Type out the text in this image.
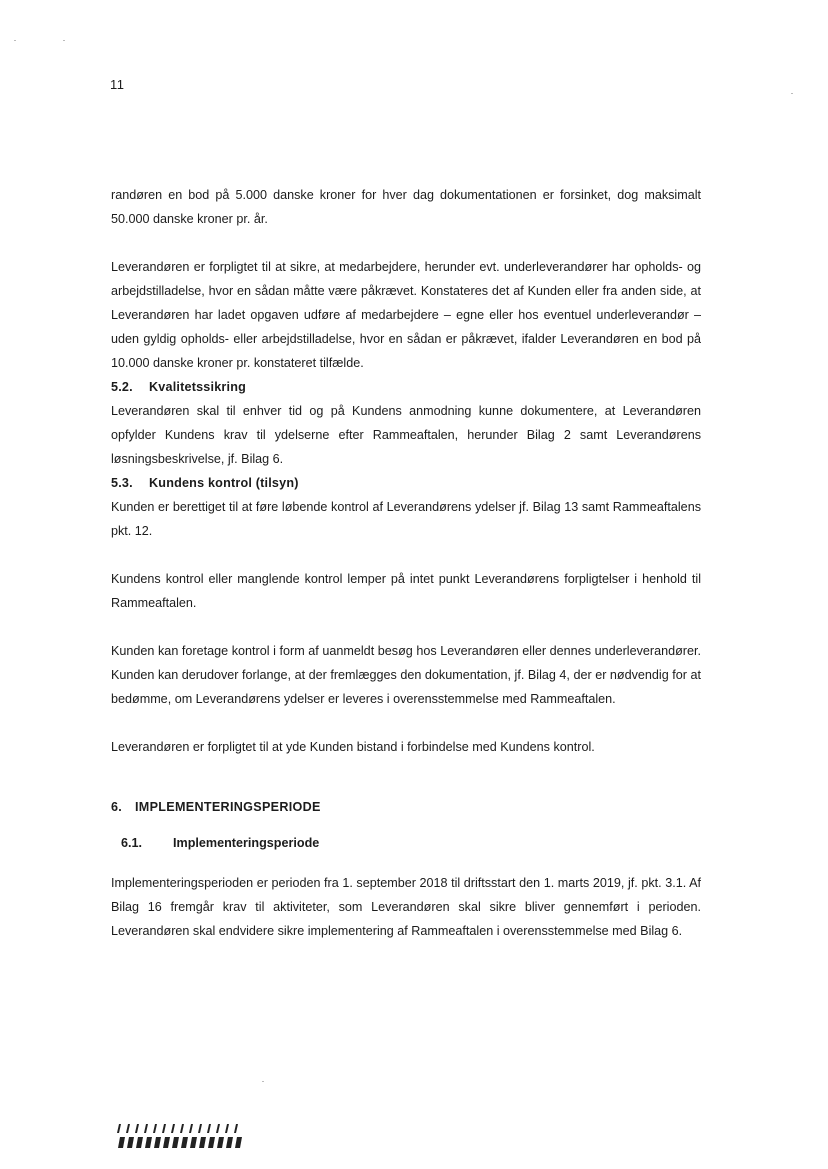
11

randøren en bod på 5.000 danske kroner for hver dag dokumentationen er forsinket, dog maksimalt 50.000 danske kroner pr. år.

Leverandøren er forpligtet til at sikre, at medarbejdere, herunder evt. underleverandører har opholds- og arbejdstilladelse, hvor en sådan måtte være påkrævet. Konstateres det af Kunden eller fra anden side, at Leverandøren har ladet opgaven udføre af medarbejdere – egne eller hos eventuel underleverandør – uden gyldig opholds- eller arbejdstilladelse, hvor en sådan er påkrævet, ifalder Leverandøren en bod på 10.000 danske kroner pr. konstateret tilfælde.

5.2. Kvalitetssikring

Leverandøren skal til enhver tid og på Kundens anmodning kunne dokumentere, at Leverandøren opfylder Kundens krav til ydelserne efter Rammeaftalen, herunder Bilag 2 samt Leverandørens løsningsbeskrivelse, jf. Bilag 6.

5.3. Kundens kontrol (tilsyn)

Kunden er berettiget til at føre løbende kontrol af Leverandørens ydelser jf. Bilag 13 samt Rammeaftalens pkt. 12.

Kundens kontrol eller manglende kontrol lemper på intet punkt Leverandørens forpligtelser i henhold til Rammeaftalen.

Kunden kan foretage kontrol i form af uanmeldt besøg hos Leverandøren eller dennes underleverandører. Kunden kan derudover forlange, at der fremlægges den dokumentation, jf. Bilag 4, der er nødvendig for at bedømme, om Leverandørens ydelser er leveres i overensstemmelse med Rammeaftalen.

Leverandøren er forpligtet til at yde Kunden bistand i forbindelse med Kundens kontrol.

6. IMPLEMENTERINGSPERIODE

6.1. Implementeringsperiode

Implementeringsperioden er perioden fra 1. september 2018 til driftsstart den 1. marts 2019, jf. pkt. 3.1. Af Bilag 16 fremgår krav til aktiviteter, som Leverandøren skal sikre bliver gennemført i perioden. Leverandøren skal endvidere sikre implementering af Rammeaftalen i overensstemmelse med Bilag 6.
